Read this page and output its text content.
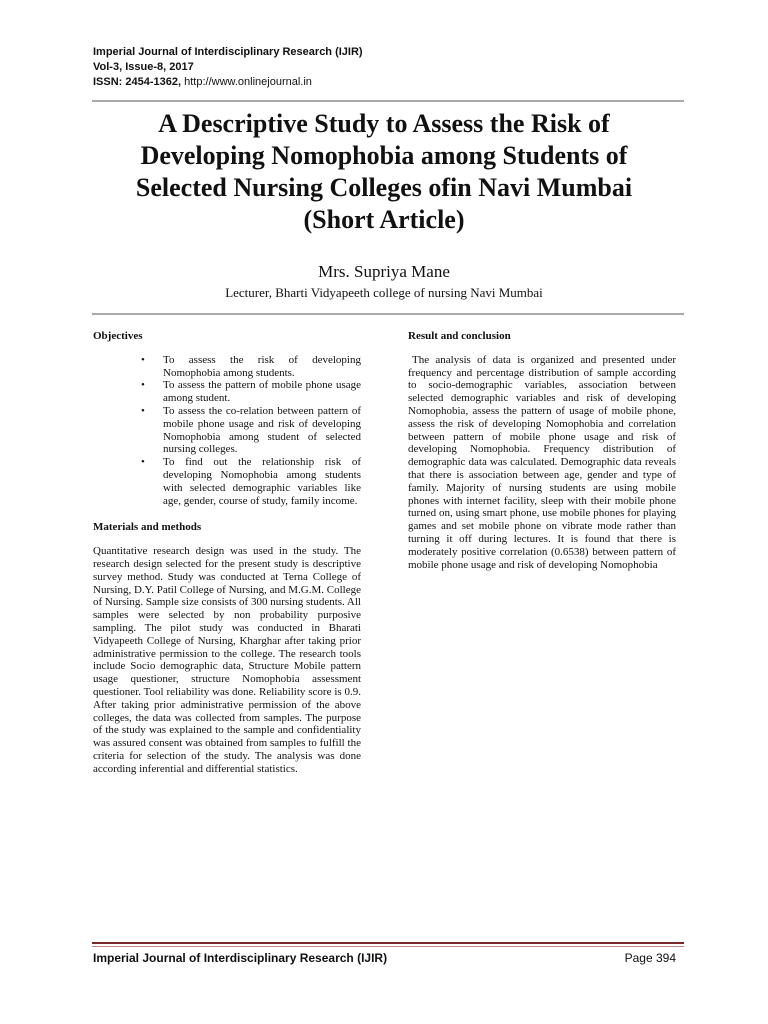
Imperial Journal of Interdisciplinary Research (IJIR)
Vol-3, Issue-8, 2017
ISSN: 2454-1362, http://www.onlinejournal.in
A Descriptive Study to Assess the Risk of
Developing Nomophobia among Students of
Selected Nursing Colleges ofin Navi Mumbai
(Short Article)
Mrs. Supriya Mane
Lecturer, Bharti Vidyapeeth college of nursing Navi Mumbai
Objectives
• To assess the risk of developing Nomophobia among students.
• To assess the pattern of mobile phone usage among student.
• To assess the co-relation between pattern of mobile phone usage and risk of developing Nomophobia among student of selected nursing colleges.
• To find out the relationship risk of developing Nomophobia among students with selected demographic variables like age, gender, course of study, family income.
Materials and methods

Quantitative research design was used in the study. The research design selected for the present study is descriptive survey method. Study was conducted at Terna College of Nursing, D.Y. Patil College of Nursing, and M.G.M. College of Nursing. Sample size consists of 300 nursing students. All samples were selected by non probability purposive sampling. The pilot study was conducted in Bharati Vidyapeeth College of Nursing, Kharghar after taking prior administrative permission to the college. The research tools include Socio demographic data, Structure Mobile pattern usage questioner, structure Nomophobia assessment questioner. Tool reliability was done. Reliability score is 0.9. After taking prior administrative permission of the above colleges, the data was collected from samples. The purpose of the study was explained to the sample and confidentiality was assured consent was obtained from samples to fulfill the criteria for selection of the study. The analysis was done according inferential and differential statistics.

Result and conclusion

The analysis of data is organized and presented under frequency and percentage distribution of sample according to socio-demographic variables, association between selected demographic variables and risk of developing Nomophobia, assess the pattern of usage of mobile phone, assess the risk of developing Nomophobia and correlation between pattern of mobile phone usage and risk of developing Nomophobia. Frequency distribution of demographic data was calculated. Demographic data reveals that there is association between age, gender and type of family. Majority of nursing students are using mobile phones with internet facility, sleep with their mobile phone turned on, using smart phone, use mobile phones for playing games and set mobile phone on vibrate mode rather than turning it off during lectures. It is found that there is moderately positive correlation (0.6538) between pattern of mobile phone usage and risk of developing Nomophobia

Imperial Journal of Interdisciplinary Research (IJIR)	Page 394
